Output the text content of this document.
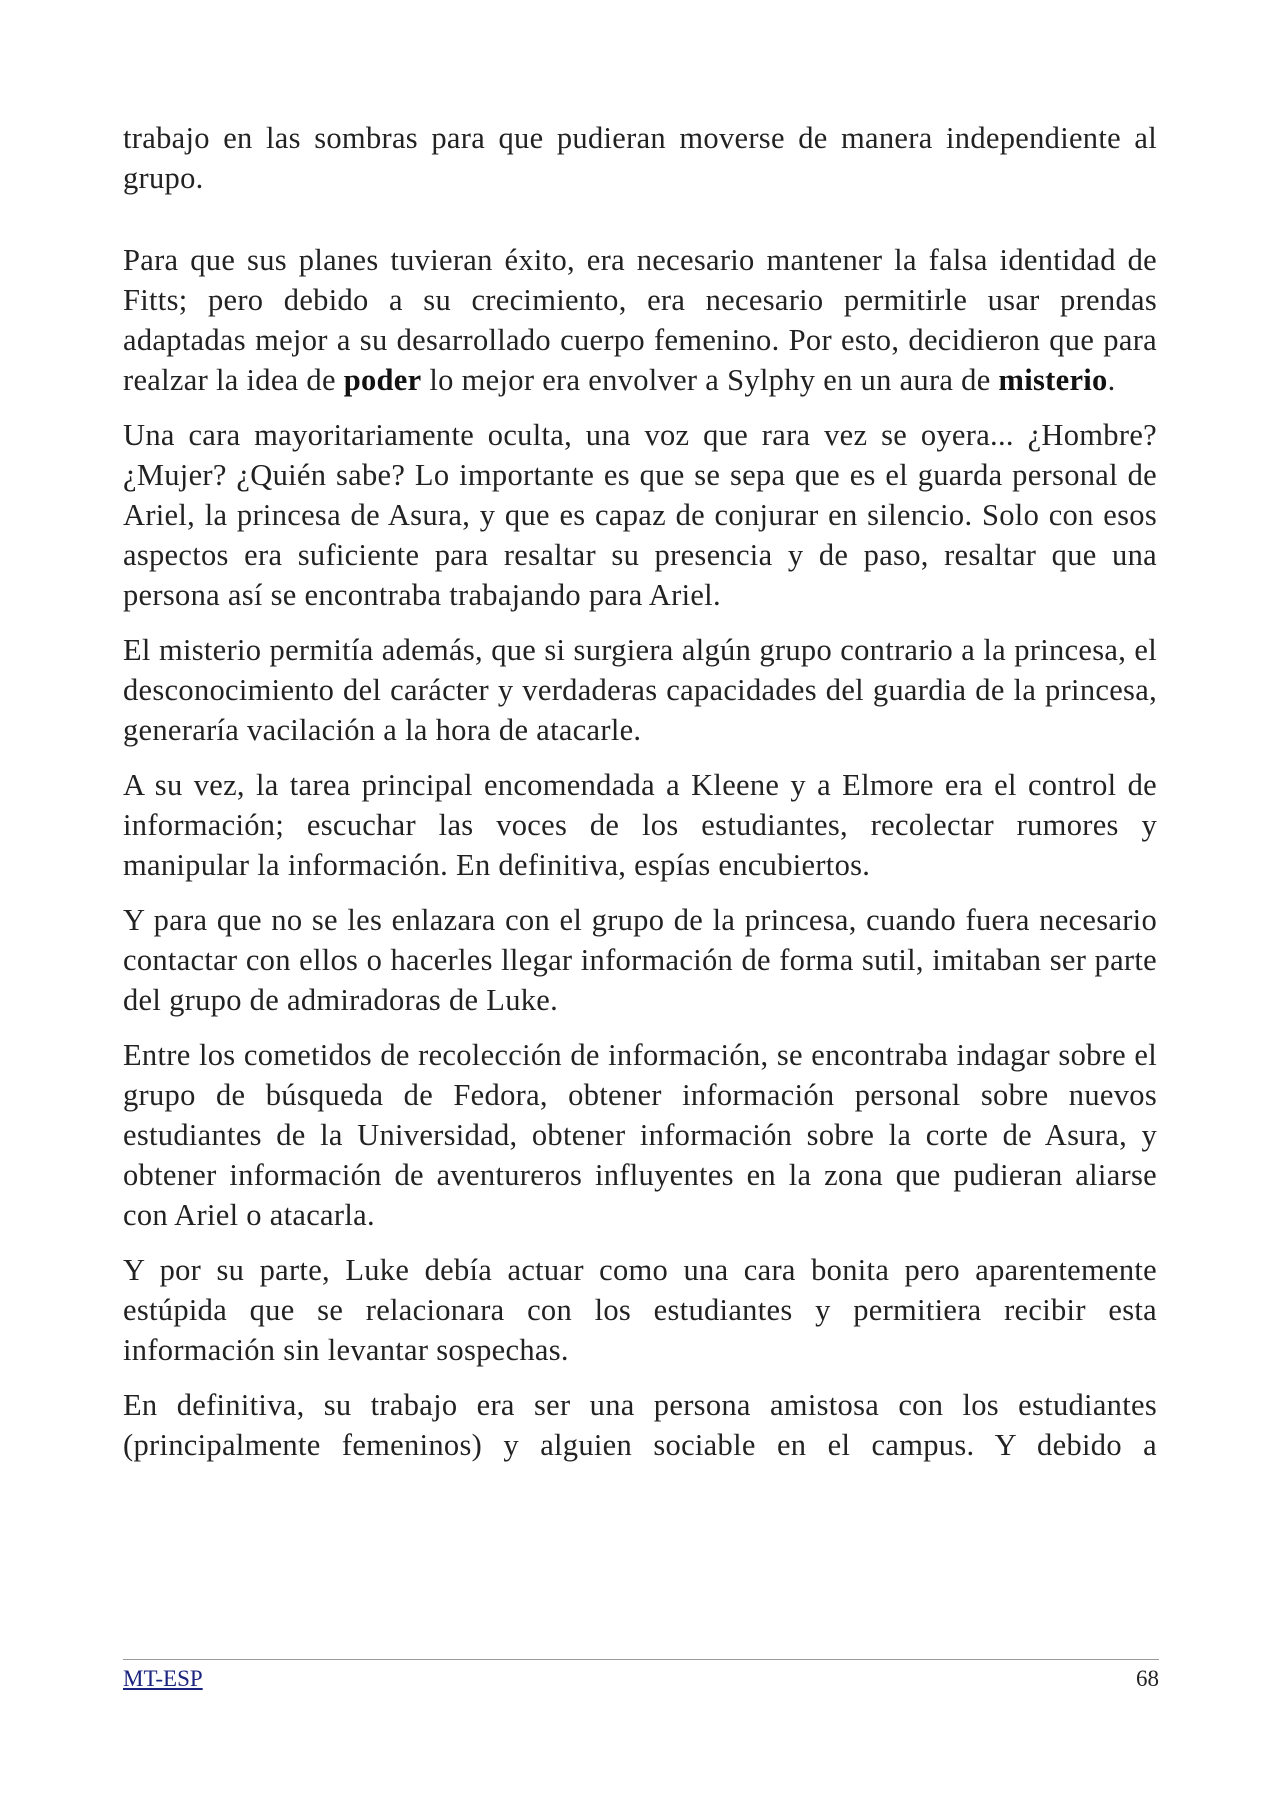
trabajo en las sombras para que pudieran moverse de manera independiente al grupo.

Para que sus planes tuvieran éxito, era necesario mantener la falsa identidad de Fitts; pero debido a su crecimiento, era necesario permitirle usar prendas adaptadas mejor a su desarrollado cuerpo femenino. Por esto, decidieron que para realzar la idea de poder lo mejor era envolver a Sylphy en un aura de misterio.

Una cara mayoritariamente oculta, una voz que rara vez se oyera... ¿Hombre? ¿Mujer? ¿Quién sabe? Lo importante es que se sepa que es el guarda personal de Ariel, la princesa de Asura, y que es capaz de conjurar en silencio. Solo con esos aspectos era suficiente para resaltar su presencia y de paso, resaltar que una persona así se encontraba trabajando para Ariel.

El misterio permitía además, que si surgiera algún grupo contrario a la princesa, el desconocimiento del carácter y verdaderas capacidades del guardia de la princesa, generaría vacilación a la hora de atacarle.

A su vez, la tarea principal encomendada a Kleene y a Elmore era el control de información; escuchar las voces de los estudiantes, recolectar rumores y manipular la información. En definitiva, espías encubiertos.

Y para que no se les enlazara con el grupo de la princesa, cuando fuera necesario contactar con ellos o hacerles llegar información de forma sutil, imitaban ser parte del grupo de admiradoras de Luke.

Entre los cometidos de recolección de información, se encontraba indagar sobre el grupo de búsqueda de Fedora, obtener información personal sobre nuevos estudiantes de la Universidad, obtener información sobre la corte de Asura, y obtener información de aventureros influyentes en la zona que pudieran aliarse con Ariel o atacarla.

Y por su parte, Luke debía actuar como una cara bonita pero aparentemente estúpida que se relacionara con los estudiantes y permitiera recibir esta información sin levantar sospechas.

En definitiva, su trabajo era ser una persona amistosa con los estudiantes (principalmente femeninos) y alguien sociable en el campus. Y debido a

MT-ESP	68
